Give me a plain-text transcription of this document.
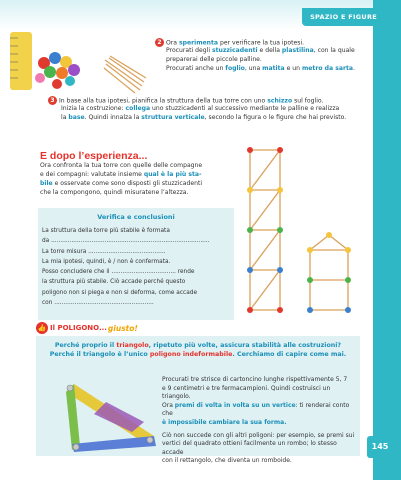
SPAZIO E FIGURE
2 Ora sperimenta per verificare la tua ipotesi.
Procurati degli stuzzicadenti e della plastilina, con la quale
preparerai delle piccole palline.
Procurati anche un foglio, una matita e un metro da sarta.
3 In base alla tua ipotesi, pianifica la struttura della tua torre con uno schizzo sul foglio.
Inizia la costruzione: collega uno stuzzicadenti al successivo mediante le palline e realizza
la base. Quindi innalza la struttura verticale, secondo la figura o le figure che hai previsto.
E dopo l’esperienza...
Ora confronta la tua torre con quelle delle compagne
e dei compagni: valutate insieme qual è la più sta-
bile e osservate come sono disposti gli stuzzicadenti
che la compongono, quindi misuratene l’altezza.
Verifica e conclusioni
La struttura della torre più stabile è formata
da ......................................................................................
La torre misura ..........................................
La mia ipotesi, quindi, è / non è confermata.
Posso concludere che il ................................... rende
la struttura più stabile. Ciò accade perché questo
poligono non si piega e non si deforma, come accade
con ......................................................
👍 Il POLIGONO... giusto!
Perché proprio il triangolo, ripetuto più volte, assicura stabilità alle costruzioni?
Perché il triangolo è l’unico poligono indeformabile. Cerchiamo di capire come mai.
Procurati tre strisce di cartoncino lunghe rispettivamente 5, 7
e 9 centimetri e tre fermacampioni. Quindi costruisci un triangolo.
Ora premi di volta in volta su un vertice: ti renderai conto che
è impossibile cambiare la sua forma.
Ciò non succede con gli altri poligoni: per esempio, se premi sui
vertici del quadrato ottieni facilmente un rombo; lo stesso accade
con il rettangolo, che diventa un romboide.
145
